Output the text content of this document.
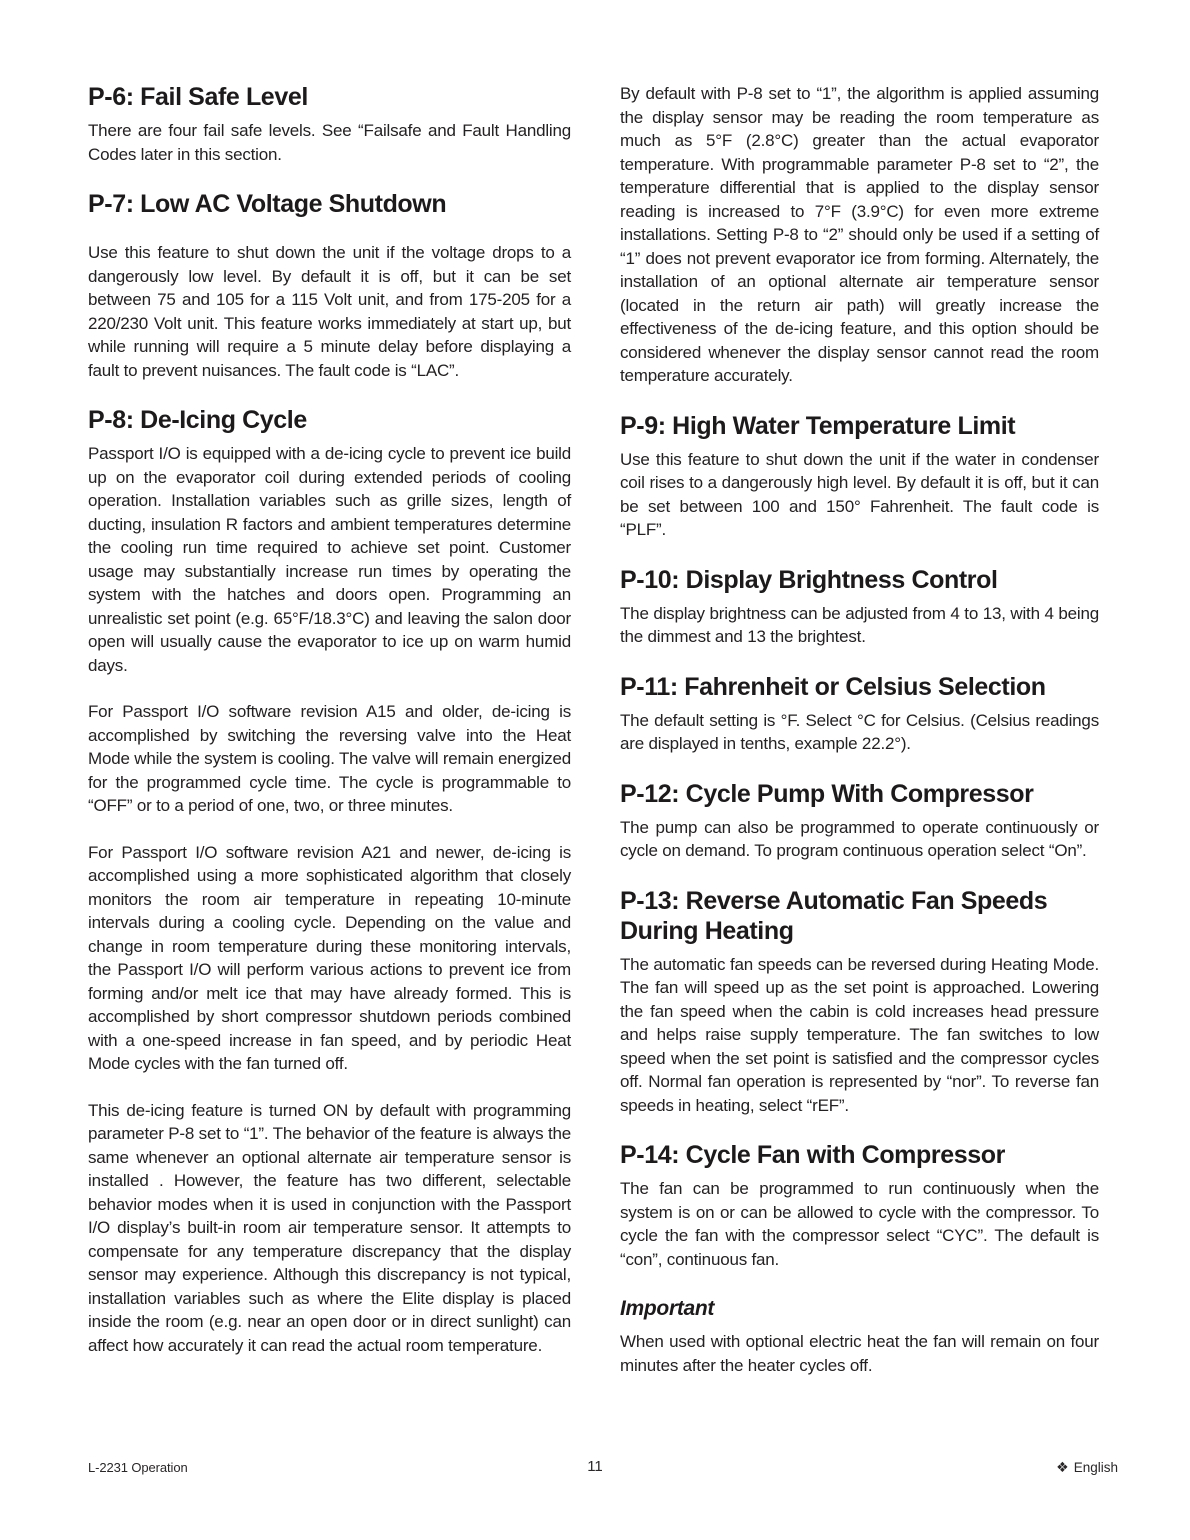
P-6: Fail Safe Level

There are four fail safe levels. See “Failsafe and Fault Handling Codes later in this section.

P-7: Low AC Voltage Shutdown

Use this feature to shut down the unit if the voltage drops to a dangerously low level. By default it is off, but it can be set between 75 and 105 for a 115 Volt unit, and from 175-205 for a 220/230 Volt unit. This feature works immediately at start up, but while running will require a 5 minute delay before displaying a fault to prevent nuisances. The fault code is “LAC”.

P-8: De-Icing Cycle

Passport I/O is equipped with a de-icing cycle to prevent ice build up on the evaporator coil during extended periods of cooling operation. Installation variables such as grille sizes, length of ducting, insulation R factors and ambient temperatures determine the cooling run time required to achieve set point. Customer usage may substantially increase run times by operating the system with the hatches and doors open. Programming an unrealistic set point (e.g. 65°F/18.3°C) and leaving the salon door open will usually cause the evaporator to ice up on warm humid days.

For Passport I/O software revision A15 and older, de-icing is accomplished by switching the reversing valve into the Heat Mode while the system is cooling. The valve will remain energized for the programmed cycle time. The cycle is programmable to “OFF” or to a period of one, two, or three minutes.

For Passport I/O software revision A21 and newer, de-icing is accomplished using a more sophisticated algorithm that closely monitors the room air temperature in repeating 10-minute intervals during a cooling cycle. Depending on the value and change in room temperature during these monitoring intervals, the Passport I/O will perform various actions to prevent ice from forming and/or melt ice that may have already formed. This is accomplished by short compressor shutdown periods combined with a one-speed increase in fan speed, and by periodic Heat Mode cycles with the fan turned off.

This de-icing feature is turned ON by default with programming parameter P-8 set to “1”. The behavior of the feature is always the same whenever an optional alternate air temperature sensor is installed . However, the feature has two different, selectable behavior modes when it is used in conjunction with the Passport I/O display’s built-in room air temperature sensor. It attempts to compensate for any temperature discrepancy that the display sensor may experience. Although this discrepancy is not typical, installation variables such as where the Elite display is placed inside the room (e.g. near an open door or in direct sunlight) can affect how accurately it can read the actual room temperature.

By default with P-8 set to “1”, the algorithm is applied assuming the display sensor may be reading the room temperature as much as 5°F (2.8°C) greater than the actual evaporator temperature. With programmable parameter P-8 set to “2”, the temperature differential that is applied to the display sensor reading is increased to 7°F (3.9°C) for even more extreme installations. Setting P-8 to “2” should only be used if a setting of “1” does not prevent evaporator ice from forming. Alternately, the installation of an optional alternate air temperature sensor (located in the return air path) will greatly increase the effectiveness of the de-icing feature, and this option should be considered whenever the display sensor cannot read the room temperature accurately.

P-9: High Water Temperature Limit

Use this feature to shut down the unit if the water in condenser coil rises to a dangerously high level. By default it is off, but it can be set between 100 and 150° Fahrenheit. The fault code is “PLF”.

P-10: Display Brightness Control

The display brightness can be adjusted from 4 to 13, with 4 being the dimmest and 13 the brightest.

P-11: Fahrenheit or Celsius Selection

The default setting is °F. Select °C for Celsius. (Celsius readings are displayed in tenths, example 22.2°).

P-12: Cycle Pump With Compressor

The pump can also be programmed to operate continuously or cycle on demand. To program continuous operation select “On”.

P-13: Reverse Automatic Fan Speeds During Heating

The automatic fan speeds can be reversed during Heating Mode. The fan will speed up as the set point is approached. Lowering the fan speed when the cabin is cold increases head pressure and helps raise supply temperature. The fan switches to low speed when the set point is satisfied and the compressor cycles off. Normal fan operation is represented by “nor”. To reverse fan speeds in heating, select “rEF”.

P-14: Cycle Fan with Compressor

The fan can be programmed to run continuously when the system is on or can be allowed to cycle with the compressor. To cycle the fan with the compressor select “CYC”. The default is “con”, continuous fan.

Important

When used with optional electric heat the fan will remain on four minutes after the heater cycles off.

L-2231 Operation	11	❖ English
